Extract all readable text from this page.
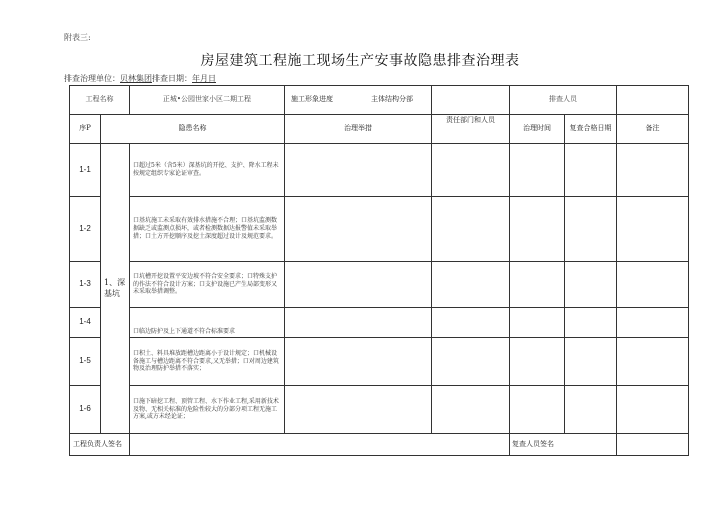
附表三:
房屋建筑工程施工现场生产安事故隐患排查治理表
排查治理单位：贝林集团排查日期：年月日
工程名称		正城•公园世家小区二期工程	施工形象进度 主体结构分部		排查人员		
序P	隐患名称		治理举措	责任部门和人员	治理时间	复查合格日期	备注
1-1	1、深基坑	口超过5米（含5米）深基坑的开挖、支护、降水工程未按规定组织专家论证审查。					
1-2		口基坑施工未采取有效排水措施不合理；口基坑监测数据缺乏或监测点损坏，或者检测数据达报警值未采取举措；口土方开挖顺序及挖土深度超过设计及规范要求。					
1-3		口坑槽开挖设置平安边坡不符合安全要求；口特殊支护的作法不符合设计方案；口支护设施已产生局部变形又未采取举措调整。					
1-4		口临边防护及上下通道不符合标准要求					
1-5		口积土、料具堆放距槽边距离小于设计规定；口机械设备施工与槽边距离不符合要求,又无举措；口对周边建筑物及治理防护举措不落实；					
1-6		口施下暗挖工程、顶管工程、水下作业工程,采用新技术及物、无相关标准的危险性较大的分部分项工程无施工方案,或方未经论证；					
工程负责人签名					复查人员签名		
